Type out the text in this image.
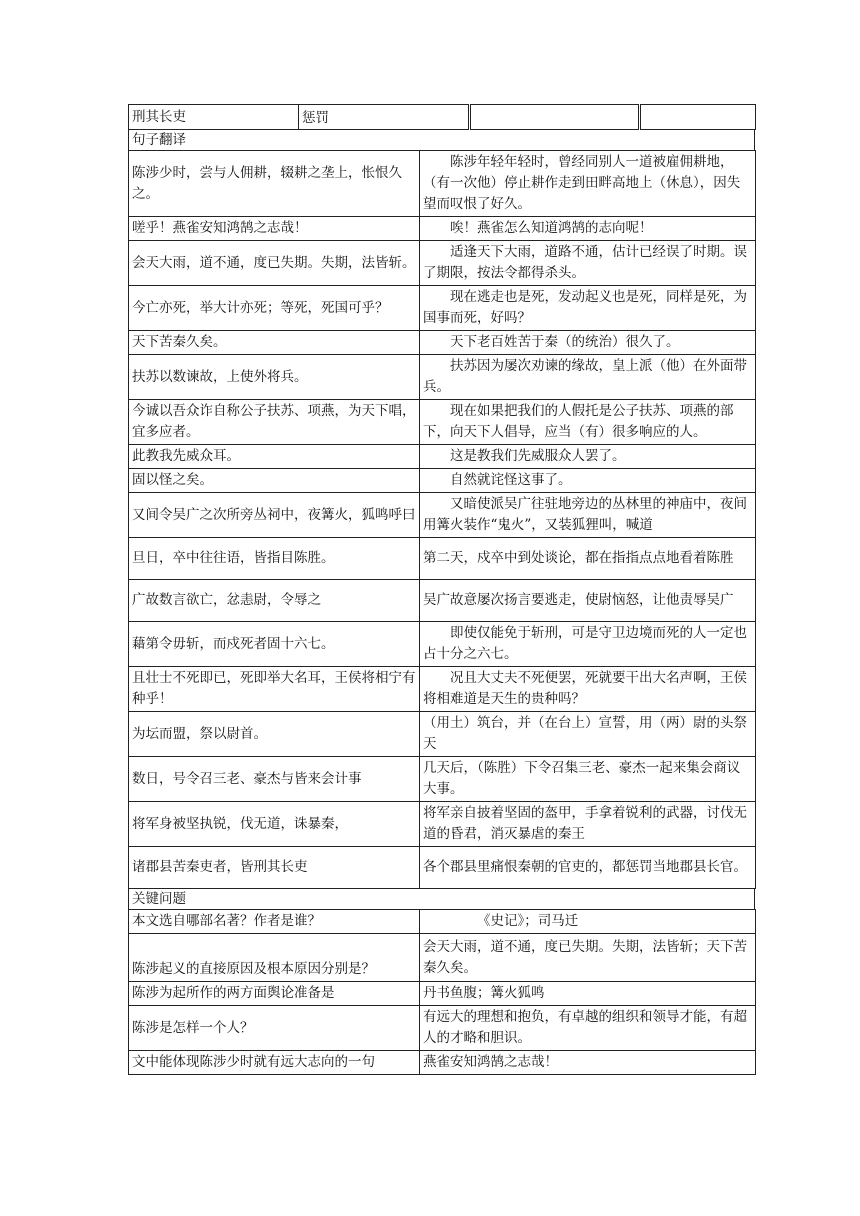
刑其长吏	惩罚		
句子翻译
陈涉少时，尝与人佣耕，辍耕之垄上，怅恨久之。	陈涉年轻年轻时，曾经同别人一道被雇佣耕地，（有一次他）停止耕作走到田畔高地上（休息），因失望而叹恨了好久。
嗟乎！燕雀安知鸿鹄之志哉！	唉！燕雀怎么知道鸿鹄的志向呢！
会天大雨，道不通，度已失期。失期，法皆斩。	适逢天下大雨，道路不通，估计已经误了时期。误了期限，按法令都得杀头。
今亡亦死，举大计亦死；等死，死国可乎？	现在逃走也是死，发动起义也是死，同样是死，为国事而死，好吗？
天下苦秦久矣。	天下老百姓苦于秦（的统治）很久了。
扶苏以数谏故，上使外将兵。	扶苏因为屡次劝谏的缘故，皇上派（他）在外面带兵。
今诚以吾众诈自称公子扶苏、项燕，为天下唱，宜多应者。	现在如果把我们的人假托是公子扶苏、项燕的部下，向天下人倡导，应当（有）很多响应的人。
此教我先威众耳。	这是教我们先威服众人罢了。
固以怪之矣。	自然就诧怪这事了。
又间令吴广之次所旁丛祠中，夜篝火，狐鸣呼曰	又暗使派吴广往驻地旁边的丛林里的神庙中，夜间用篝火装作“鬼火”，又装狐狸叫，喊道
旦日，卒中往往语，皆指目陈胜。	第二天，戍卒中到处谈论，都在指指点点地看着陈胜
广故数言欲亡，忿恚尉，令辱之	吴广故意屡次扬言要逃走，使尉恼怒，让他责辱吴广
藉第令毋斩，而戍死者固十六七。	即使仅能免于斩刑，可是守卫边境而死的人一定也占十分之六七。
且壮士不死即已，死即举大名耳，王侯将相宁有种乎！	况且大丈夫不死便罢，死就要干出大名声啊，王侯将相难道是天生的贵种吗？
为坛而盟，祭以尉首。	（用土）筑台，并（在台上）宣誓，用（两）尉的头祭天
数日，号令召三老、豪杰与皆来会计事	几天后，（陈胜）下令召集三老、豪杰一起来集会商议大事。
将军身被坚执锐，伐无道，诛暴秦，	将军亲自披着坚固的盔甲，手拿着锐利的武器，讨伐无道的昏君，消灭暴虐的秦王
诸郡县苦秦吏者，皆刑其长吏	各个郡县里痛恨秦朝的官吏的，都惩罚当地郡县长官。
关键问题
本文选自哪部名著？作者是谁？	《史记》；司马迁
陈涉起义的直接原因及根本原因分别是？	会天大雨，道不通，度已失期。失期，法皆斩；天下苦秦久矣。
陈涉为起所作的两方面舆论准备是	丹书鱼腹；篝火狐鸣
陈涉是怎样一个人？	有远大的理想和抱负，有卓越的组织和领导才能，有超人的才略和胆识。
文中能体现陈涉少时就有远大志向的一句	燕雀安知鸿鹄之志哉！
